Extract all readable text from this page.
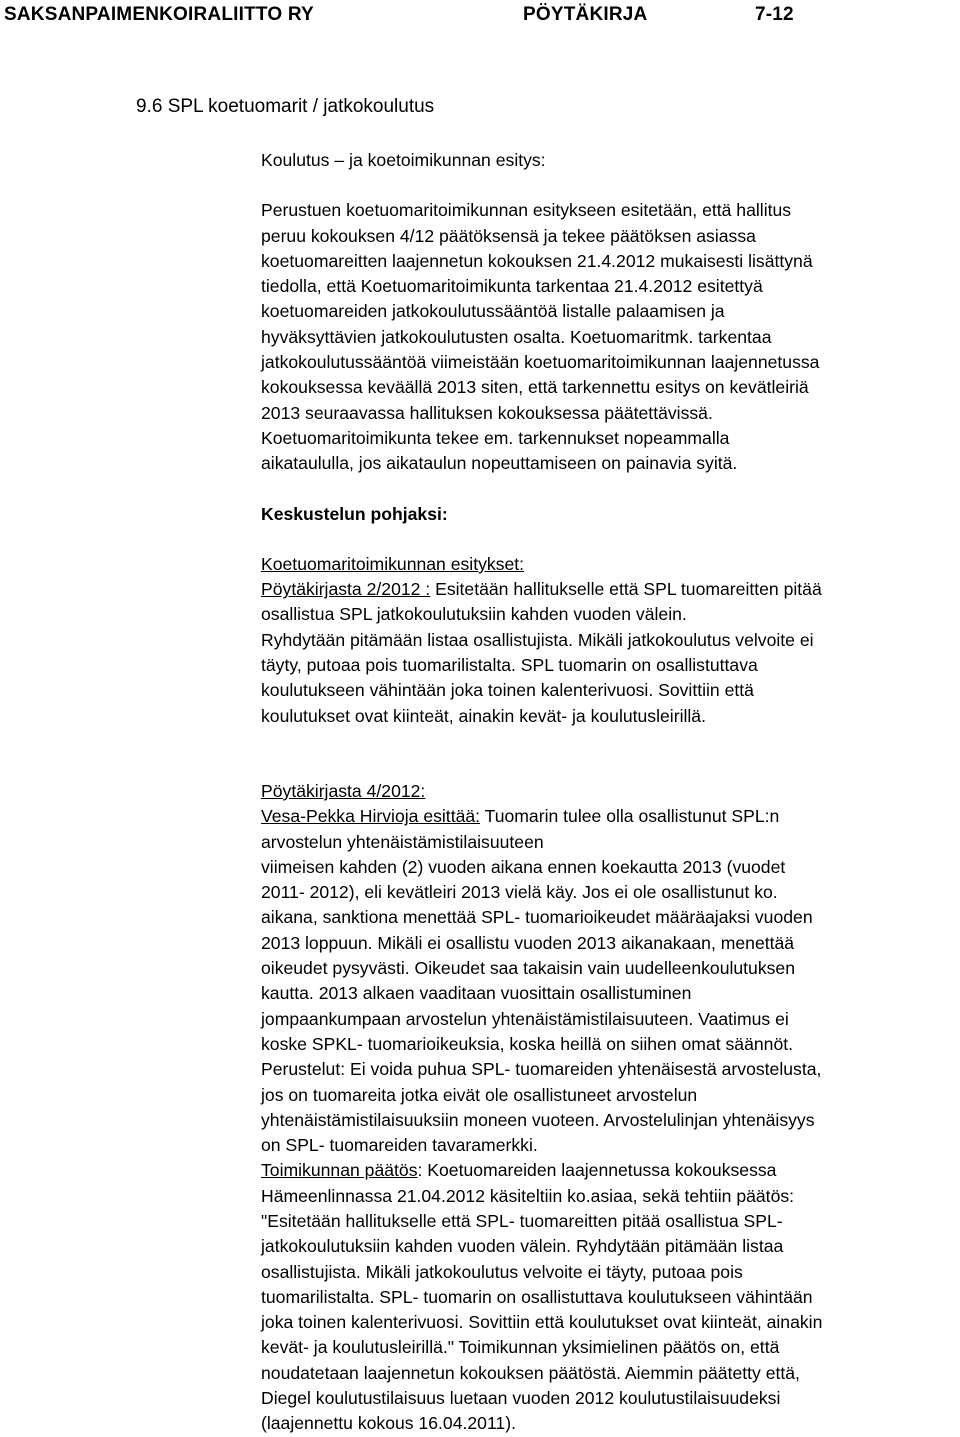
SAKSANPAIMENKOIRALIITTO RY	PÖYTÄKIRJA	7-12
9.6 SPL koetuomarit / jatkokoulutus

Koulutus – ja koetoimikunnan esitys:

Perustuen koetuomaritoimikunnan esitykseen esitetään, että hallitus

peruu kokouksen 4/12 päätöksensä ja tekee päätöksen asiassa

koetuomareitten laajennetun kokouksen 21.4.2012 mukaisesti lisättynä

tiedolla, että Koetuomaritoimikunta tarkentaa 21.4.2012 esitettyä

koetuomareiden jatkokoulutussääntöä listalle palaamisen ja

hyväksyttävien jatkokoulutusten osalta. Koetuomaritmk. tarkentaa

jatkokoulutussääntöä viimeistään koetuomaritoimikunnan laajennetussa

kokouksessa keväällä 2013 siten, että tarkennettu esitys on kevätleiriä

2013 seuraavassa hallituksen kokouksessa päätettävissä.

Koetuomaritoimikunta tekee em. tarkennukset nopeammalla

aikataululla, jos aikataulun nopeuttamiseen on painavia syitä.

Keskustelun pohjaksi:

Koetuomaritoimikunnan esitykset:

Pöytäkirjasta 2/2012 : Esitetään hallitukselle että SPL tuomareitten pitää

osallistua SPL jatkokoulutuksiin kahden vuoden välein.

Ryhdytään pitämään listaa osallistujista. Mikäli jatkokoulutus velvoite ei

täyty, putoaa pois tuomarilistalta. SPL tuomarin on osallistuttava

koulutukseen vähintään joka toinen kalenterivuosi. Sovittiin että

koulutukset ovat kiinteät, ainakin kevät- ja koulutusleirillä.

Pöytäkirjasta 4/2012:

Vesa-Pekka Hirvioja esittää: Tuomarin tulee olla osallistunut SPL:n

arvostelun yhtenäistämistilaisuuteen

viimeisen kahden (2) vuoden aikana ennen koekautta 2013 (vuodet

2011- 2012), eli kevätleiri 2013 vielä käy. Jos ei ole osallistunut ko.

aikana, sanktiona menettää SPL- tuomarioikeudet määräajaksi vuoden

2013 loppuun. Mikäli ei osallistu vuoden 2013 aikanakaan, menettää

oikeudet pysyvästi. Oikeudet saa takaisin vain uudelleenkoulutuksen

kautta. 2013 alkaen vaaditaan vuosittain osallistuminen

jompaankumpaan arvostelun yhtenäistämistilaisuuteen. Vaatimus ei

koske SPKL- tuomarioikeuksia, koska heillä on siihen omat säännöt.

Perustelut: Ei voida puhua SPL- tuomareiden yhtenäisestä arvostelusta,

jos on tuomareita jotka eivät ole osallistuneet arvostelun

yhtenäistämistilaisuuksiin moneen vuoteen. Arvostelulinjan yhtenäisyys

on SPL- tuomareiden tavaramerkki.

Toimikunnan päätös: Koetuomareiden laajennetussa kokouksessa

Hämeenlinnassa 21.04.2012 käsiteltiin ko.asiaa, sekä tehtiin päätös:

"Esitetään hallitukselle että SPL- tuomareitten pitää osallistua SPL-

jatkokoulutuksiin kahden vuoden välein. Ryhdytään pitämään listaa

osallistujista. Mikäli jatkokoulutus velvoite ei täyty, putoaa pois

tuomarilistalta. SPL- tuomarin on osallistuttava koulutukseen vähintään

joka toinen kalenterivuosi. Sovittiin että koulutukset ovat kiinteät, ainakin

kevät- ja koulutusleirillä." Toimikunnan yksimielinen päätös on, että

noudatetaan laajennetun kokouksen päätöstä. Aiemmin päätetty että,

Diegel koulutustilaisuus luetaan vuoden 2012 koulutustilaisuudeksi

(laajennettu kokous 16.04.2011).
